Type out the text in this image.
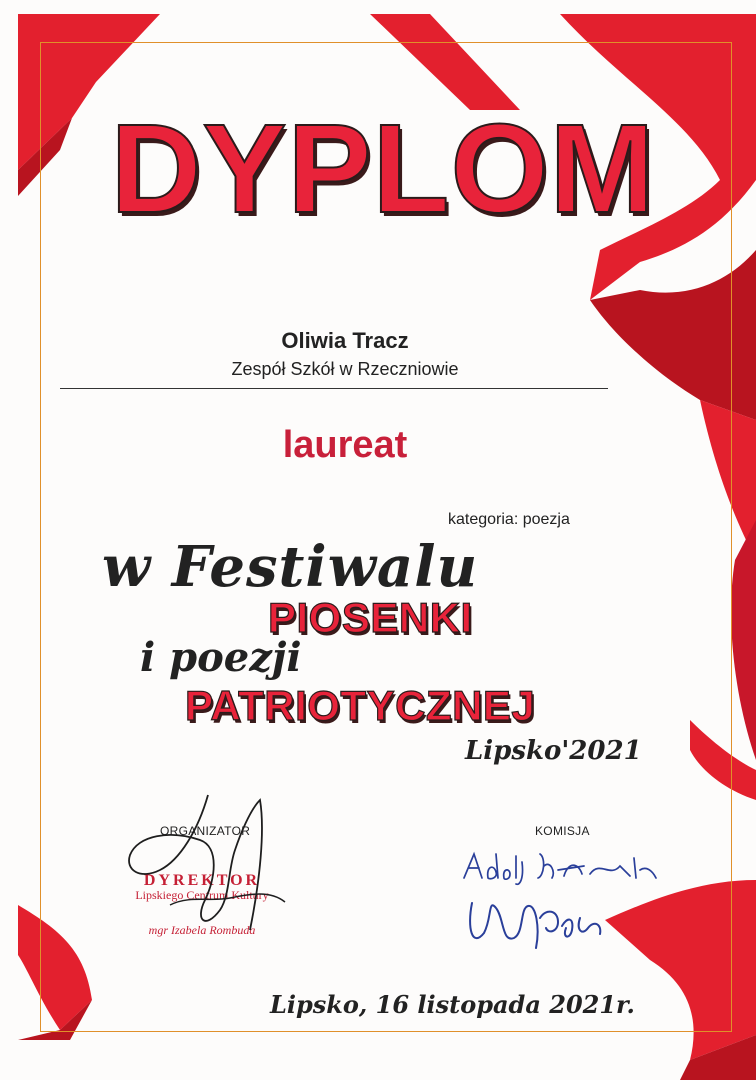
DYPLOM
Oliwia Tracz
Zespół Szkół w Rzeczniowie
laureat
kategoria: poezja
w Festiwalu
PIOSENKI
i poezji
PATRIOTYCZNEJ
Lipsko'2021
ORGANIZATOR	KOMISJA
DYREKTOR
Lipskiego Centrum Kultury
mgr Izabela Rombuda
Lipsko, 16 listopada 2021r.
